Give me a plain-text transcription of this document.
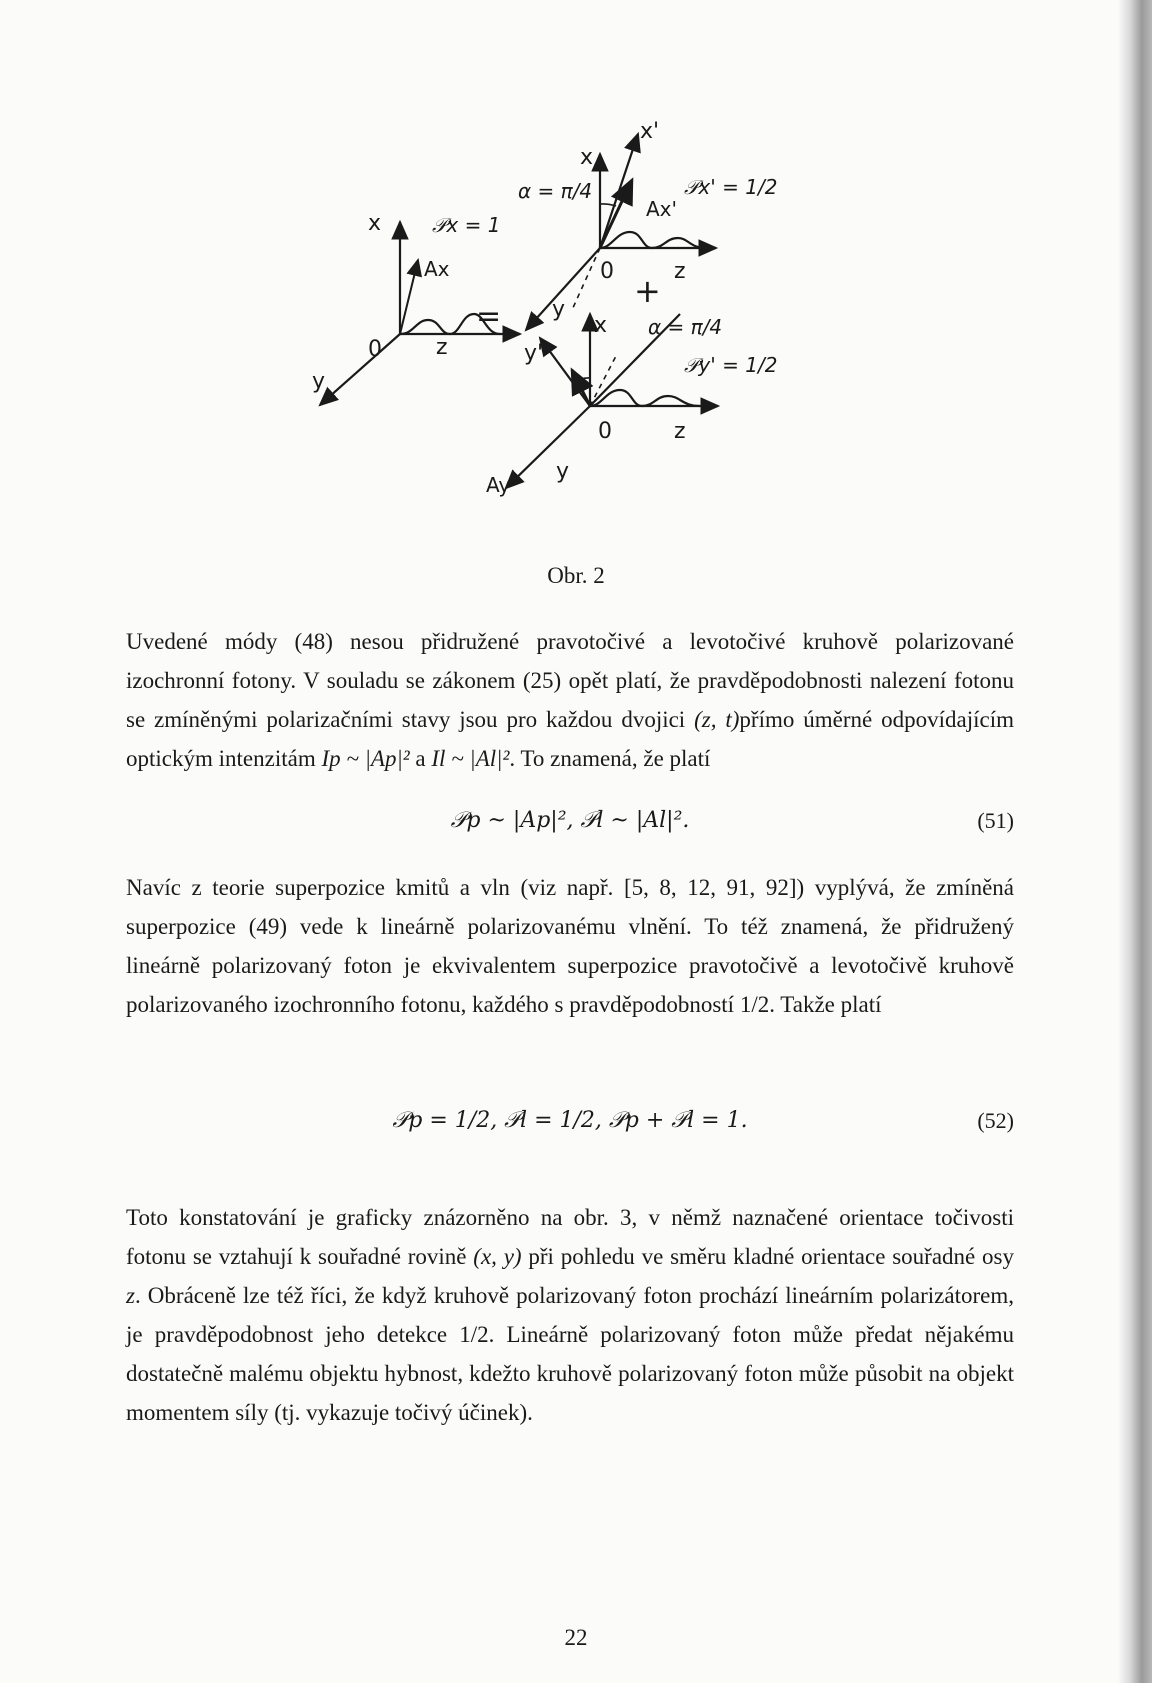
x
y
z
0
Ax
𝒫x = 1
=
+
x
x'
y
z
0
α = π/4
Ax'
𝒫x' = 1/2
x
y'
y
z
0
α = π/4
Ay'
𝒫y' = 1/2
Obr. 2

Uvedené módy (48) nesou přidružené pravotočivé a levotočivé kruhově polarizované izochronní fotony. V souladu se zákonem (25) opět platí, že pravděpodobnosti nalezení fotonu se zmíněnými polarizačními stavy jsou pro každou dvojici (z, t)přímo úměrné odpovídajícím optickým intenzitám Ip ~ |Ap|² a Il ~ |Al|². To znamená, že platí

𝒫p ~ |Ap|², 𝒫l ~ |Al|².	(51)

Navíc z teorie superpozice kmitů a vln (viz např. [5, 8, 12, 91, 92]) vyplývá, že zmíněná superpozice (49) vede k lineárně polarizovanému vlnění. To též znamená, že přidružený lineárně polarizovaný foton je ekvivalentem superpozice pravotočivě a levotočivě kruhově polarizovaného izochronního fotonu, každého s pravděpodobností 1/2. Takže platí

𝒫p = 1/2, 𝒫l = 1/2, 𝒫p + 𝒫l = 1.	(52)

Toto konstatování je graficky znázorněno na obr. 3, v němž naznačené orientace točivosti fotonu se vztahují k souřadné rovině (x, y) při pohledu ve směru kladné orientace souřadné osy z. Obráceně lze též říci, že když kruhově polarizovaný foton prochází lineárním polarizátorem, je pravděpodobnost jeho detekce 1/2. Lineárně polarizovaný foton může předat nějakému dostatečně malému objektu hybnost, kdežto kruhově polarizovaný foton může působit na objekt momentem síly (tj. vykazuje točivý účinek).

22
